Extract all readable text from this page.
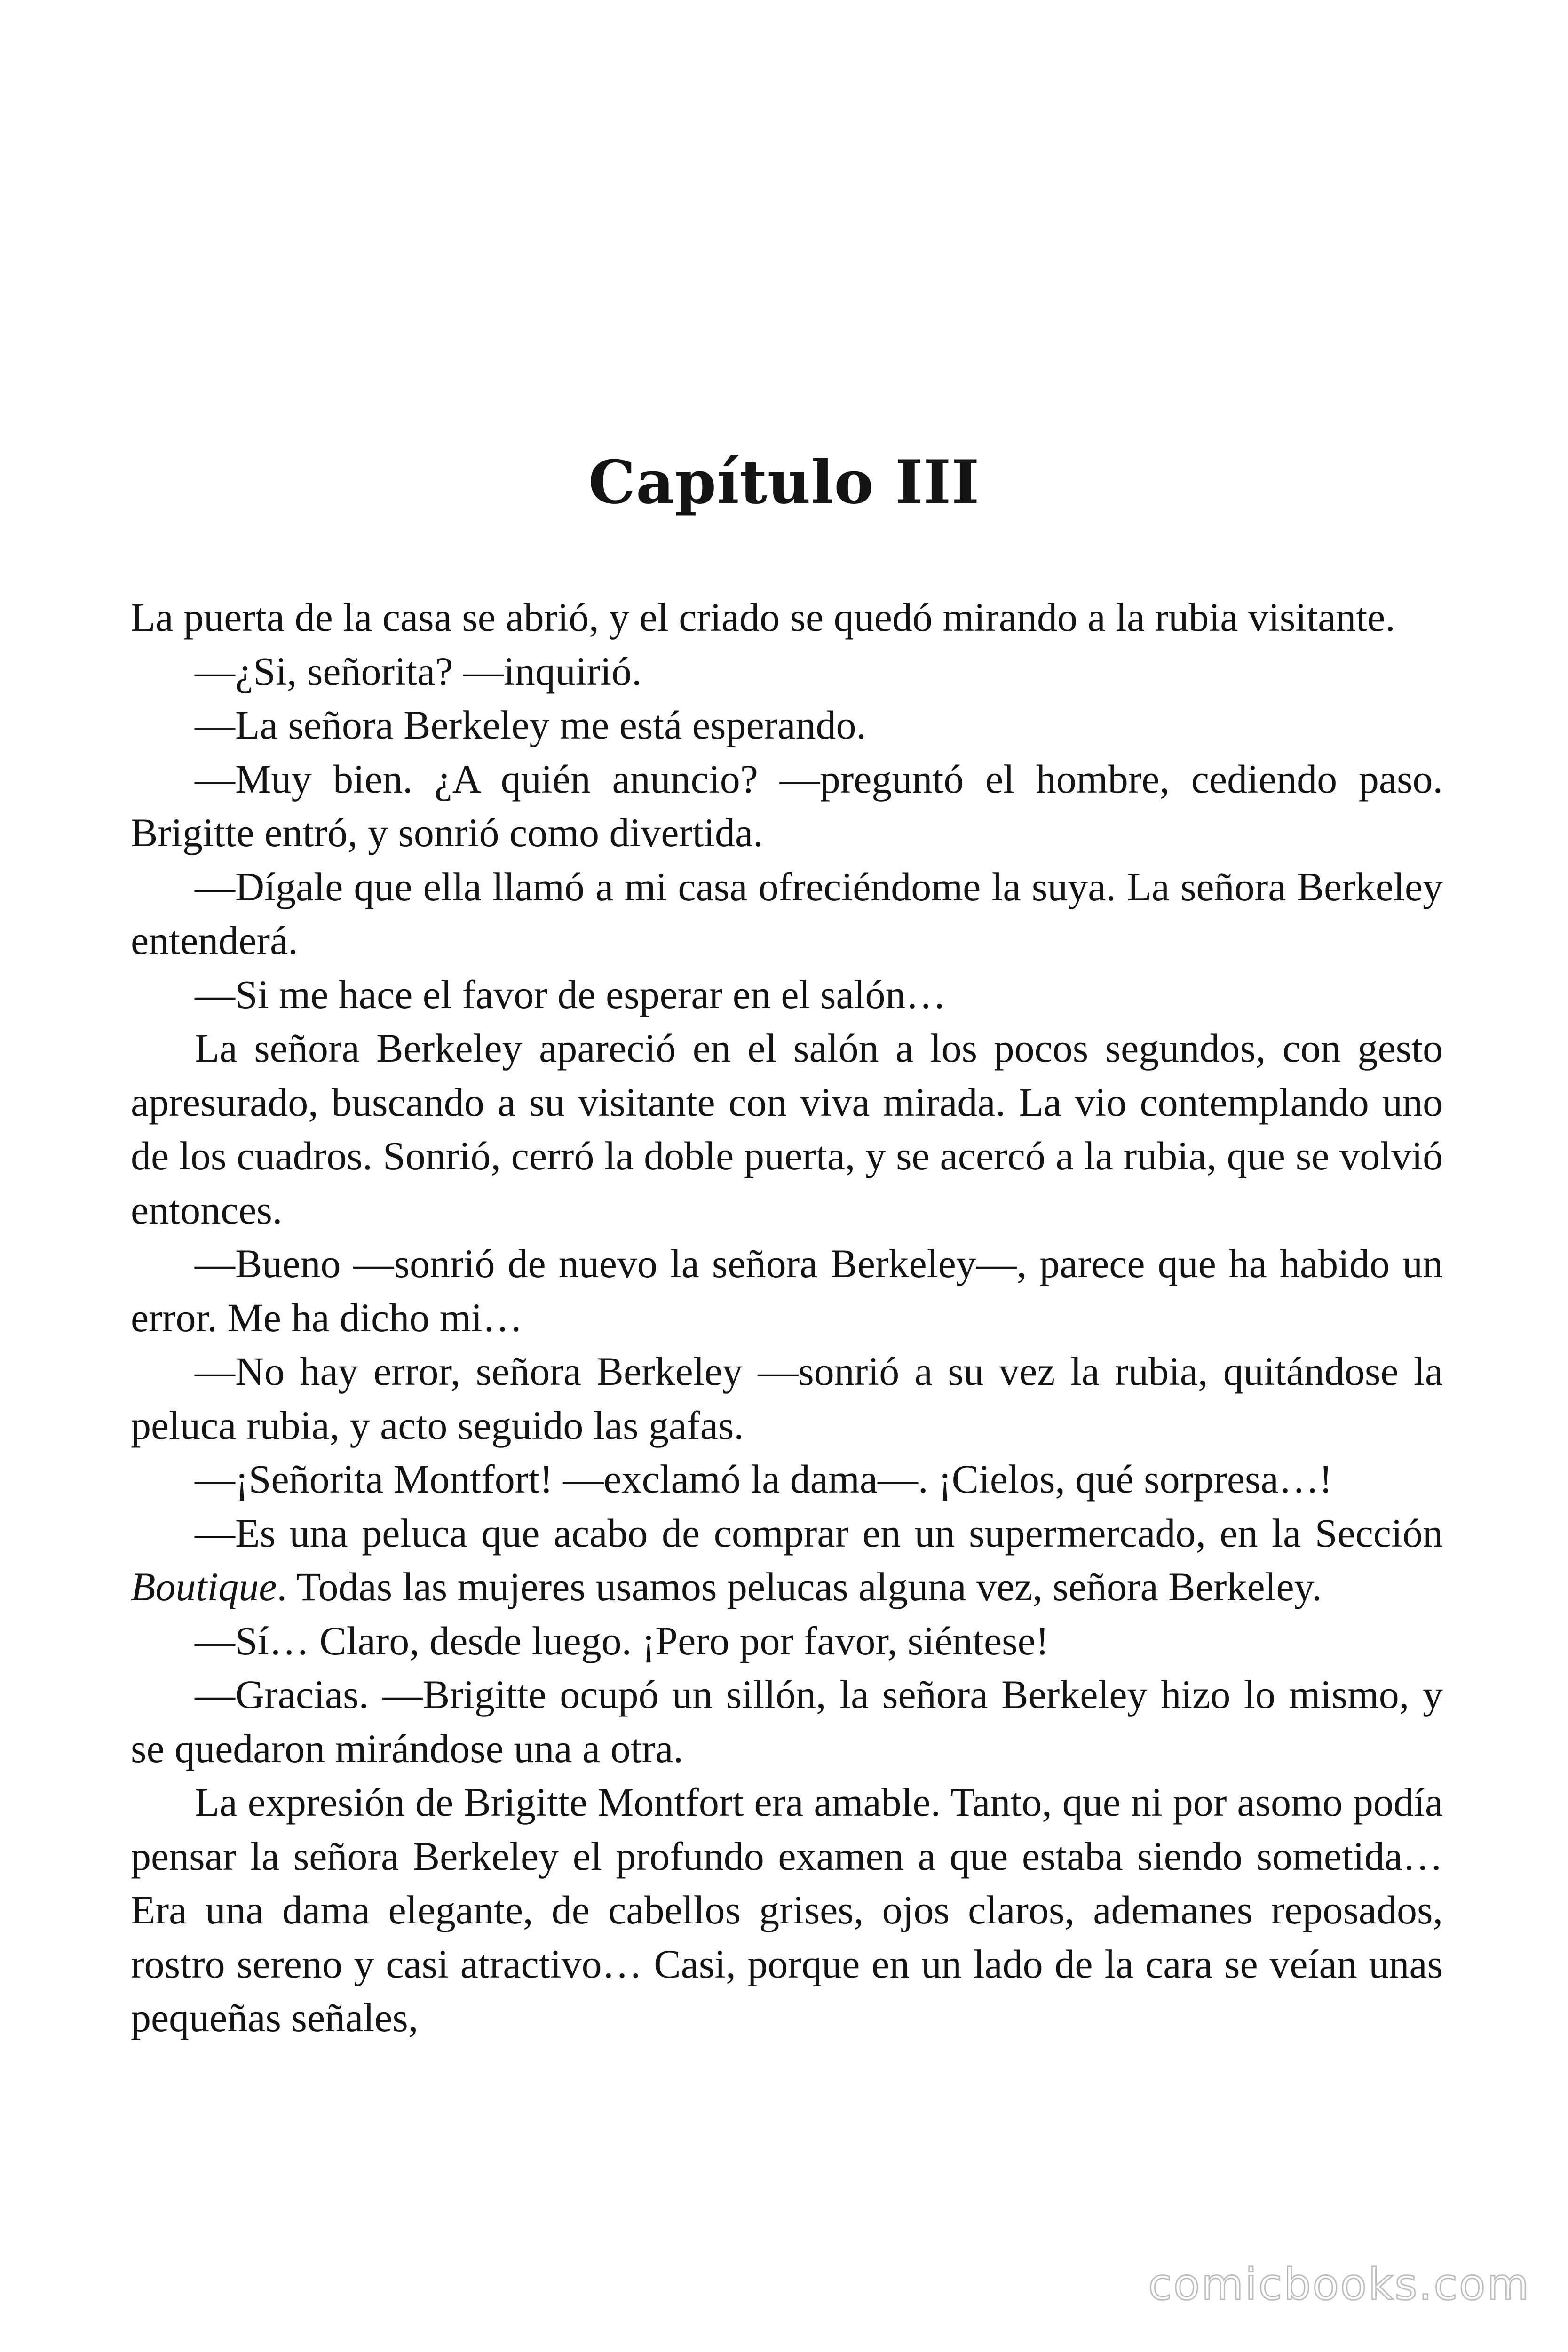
Capítulo III

La puerta de la casa se abrió, y el criado se quedó mirando a la rubia visitante.

—¿Si, señorita? —inquirió.

—La señora Berkeley me está esperando.

—Muy bien. ¿A quién anuncio? —preguntó el hombre, cediendo paso. Brigitte entró, y sonrió como divertida.

—Dígale que ella llamó a mi casa ofreciéndome la suya. La señora Berkeley entenderá.

—Si me hace el favor de esperar en el salón…

La señora Berkeley apareció en el salón a los pocos segundos, con gesto apresurado, buscando a su visitante con viva mirada. La vio contemplando uno de los cuadros. Sonrió, cerró la doble puerta, y se acercó a la rubia, que se volvió entonces.

—Bueno —sonrió de nuevo la señora Berkeley—, parece que ha habido un error. Me ha dicho mi…

—No hay error, señora Berkeley —sonrió a su vez la rubia, quitándose la peluca rubia, y acto seguido las gafas.

—¡Señorita Montfort! —exclamó la dama—. ¡Cielos, qué sorpresa…!

—Es una peluca que acabo de comprar en un supermercado, en la Sección Boutique. Todas las mujeres usamos pelucas alguna vez, señora Berkeley.

—Sí… Claro, desde luego. ¡Pero por favor, siéntese!

—Gracias. —Brigitte ocupó un sillón, la señora Berkeley hizo lo mismo, y se quedaron mirándose una a otra.

La expresión de Brigitte Montfort era amable. Tanto, que ni por asomo podía pensar la señora Berkeley el profundo examen a que estaba siendo sometida… Era una dama elegante, de cabellos grises, ojos claros, ademanes reposados, rostro sereno y casi atractivo… Casi, porque en un lado de la cara se veían unas pequeñas señales,

comicbooks.com
